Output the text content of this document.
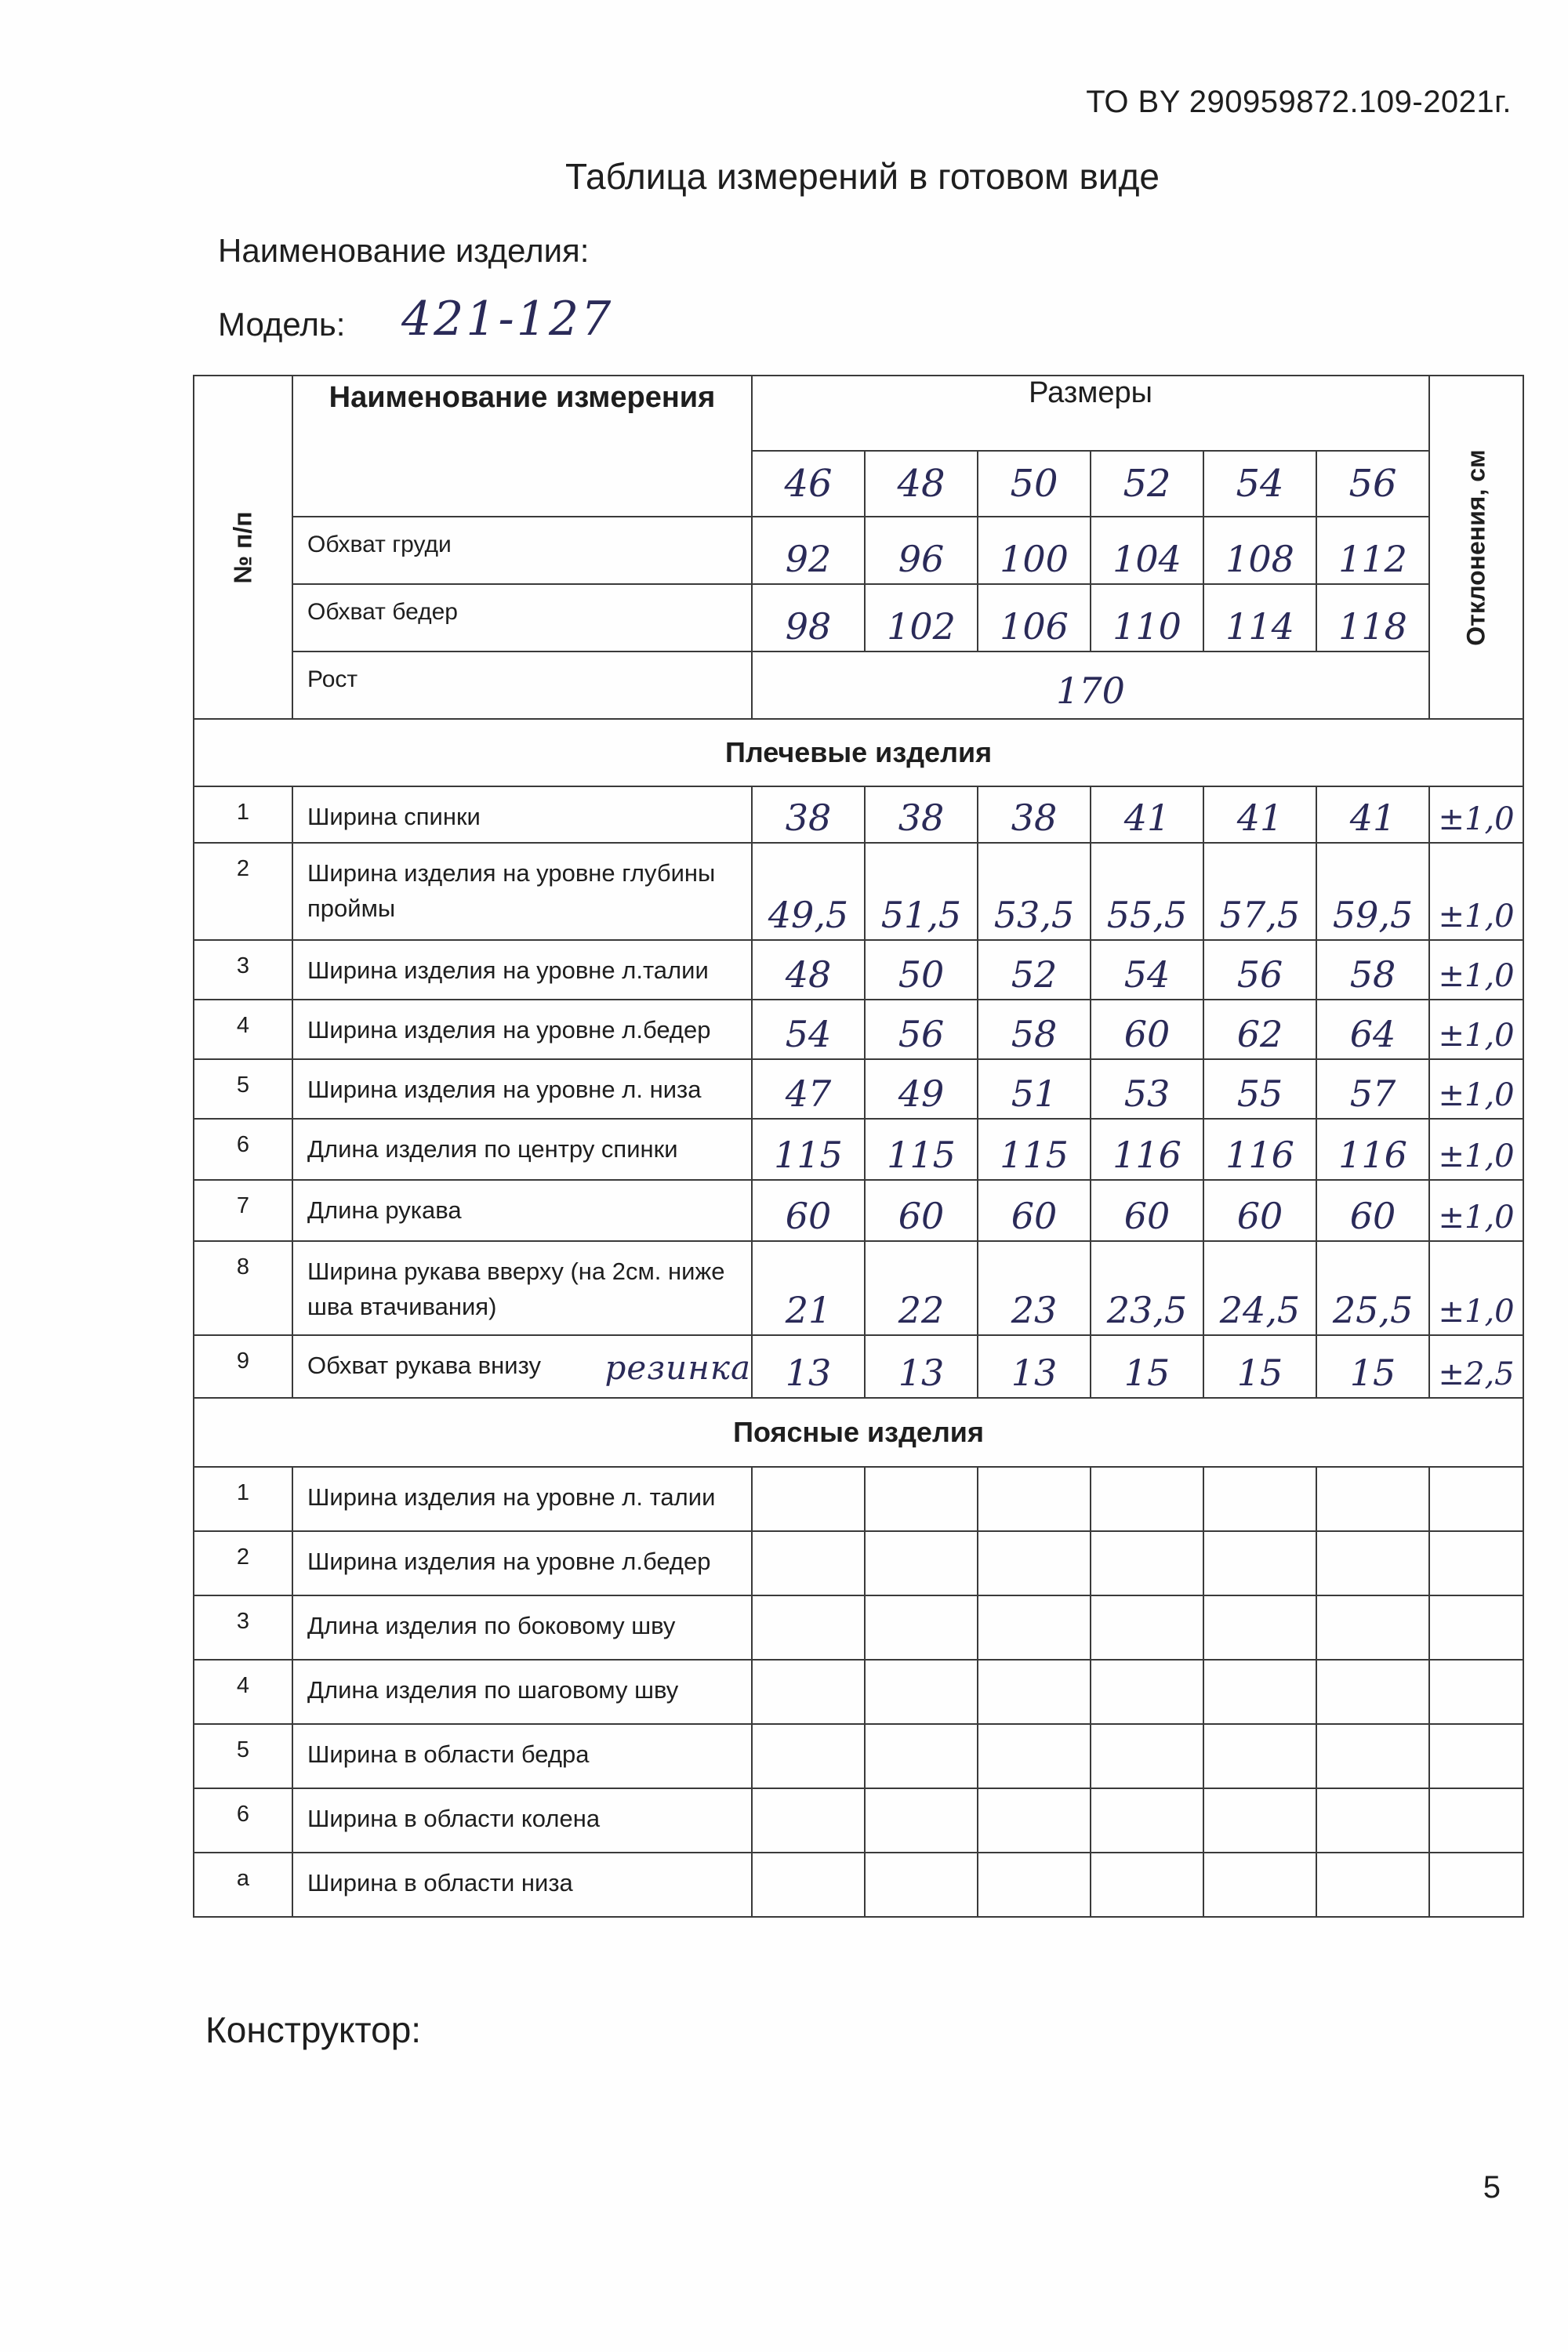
ТО BY 290959872.109-2021г.
Таблица измерений в готовом виде
Наименование изделия:
Модель: 421-127
№ п/п	Наименование измерения	Размеры						Отклонения, см

		46	48	50	52	54	56	
	Обхват груди	92	96	100	104	108	112	
	Обхват бедер	98	102	106	110	114	118	
	Рост	170						
Плечевые изделия								
1	Ширина спинки	38	38	38	41	41	41	±1,0
2	Ширина изделия на уровне глубины проймы	49,5	51,5	53,5	55,5	57,5	59,5	±1,0
3	Ширина изделия на уровне л.талии	48	50	52	54	56	58	±1,0
4	Ширина изделия на уровне л.бедер	54	56	58	60	62	64	±1,0
5	Ширина изделия на уровне л. низа	47	49	51	53	55	57	±1,0
6	Длина изделия по центру спинки	115	115	115	116	116	116	±1,0
7	Длина рукава	60	60	60	60	60	60	±1,0
8	Ширина рукава вверху (на 2см. ниже шва втачивания)	21	22	23	23,5	24,5	25,5	±1,0
9	Обхват рукава внизу резинка	13	13	13	15	15	15	±2,5
Поясные изделия								
1	Ширина изделия на уровне л. талии							
2	Ширина изделия на уровне л.бедер							
3	Длина изделия по боковому шву							
4	Длина изделия по шаговому шву							
5	Ширина в области бедра							
6	Ширина в области колена							
а	Ширина в области низа							
Конструктор:
5
